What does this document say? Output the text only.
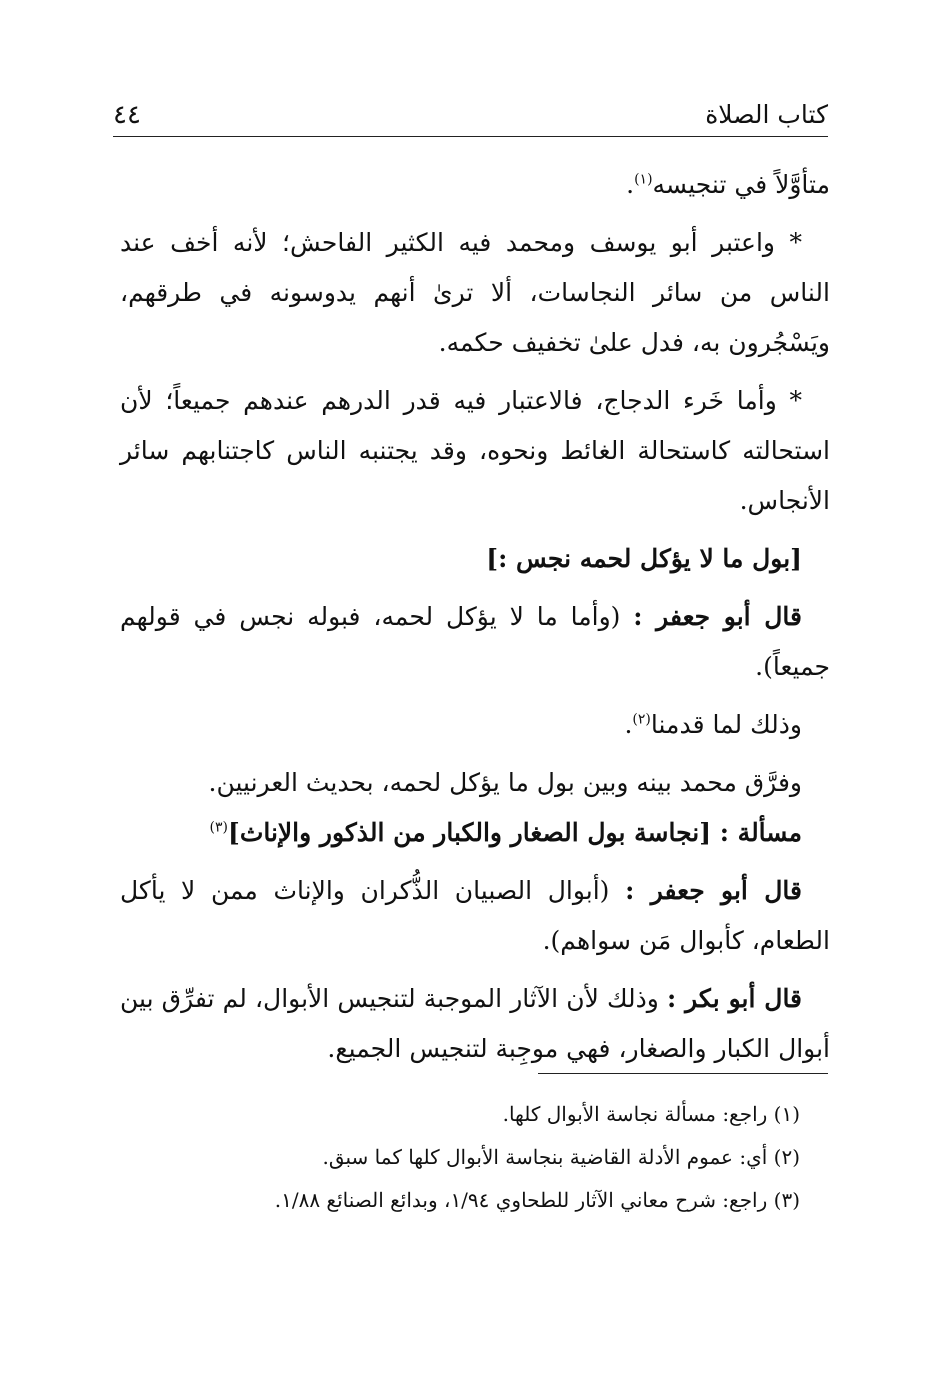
كتاب الصلاة
٤٤

متأوَّلاً في تنجيسه$^{(١)}$.

* واعتبر أبو يوسف ومحمد فيه الكثير الفاحش؛ لأنه أخف عند الناس من سائر النجاسات، ألا ترىٰ أنهم يدوسونه في طرقهم، ويَسْجُرون به، فدل علىٰ تخفيف حكمه.

* وأما خَرء الدجاج، فالاعتبار فيه قدر الدرهم عندهم جميعاً؛ لأن استحالته كاستحالة الغائط ونحوه، وقد يجتنبه الناس كاجتنابهم سائر الأنجاس.

[بول ما لا يؤكل لحمه نجس :]

قال أبو جعفر : (وأما ما لا يؤكل لحمه، فبوله نجس في قولهم جميعاً).

وذلك لما قدمنا$^{(٢)}$.

وفرَّق محمد بينه وبين بول ما يؤكل لحمه، بحديث العرنيين.

مسألة : [نجاسة بول الصغار والكبار من الذكور والإناث]$^{(٣)}$

قال أبو جعفر : (أبوال الصبيان الذُّكران والإناث ممن لا يأكل الطعام، كأبوال مَن سواهم).

قال أبو بكر : وذلك لأن الآثار الموجبة لتنجيس الأبوال، لم تفرِّق بين أبوال الكبار والصغار، فهي موجِبة لتنجيس الجميع.

(١) راجع: مسألة نجاسة الأبوال كلها.

(٢) أي: عموم الأدلة القاضية بنجاسة الأبوال كلها كما سبق.

(٣) راجع: شرح معاني الآثار للطحاوي ١/٩٤، وبدائع الصنائع ١/٨٨.
